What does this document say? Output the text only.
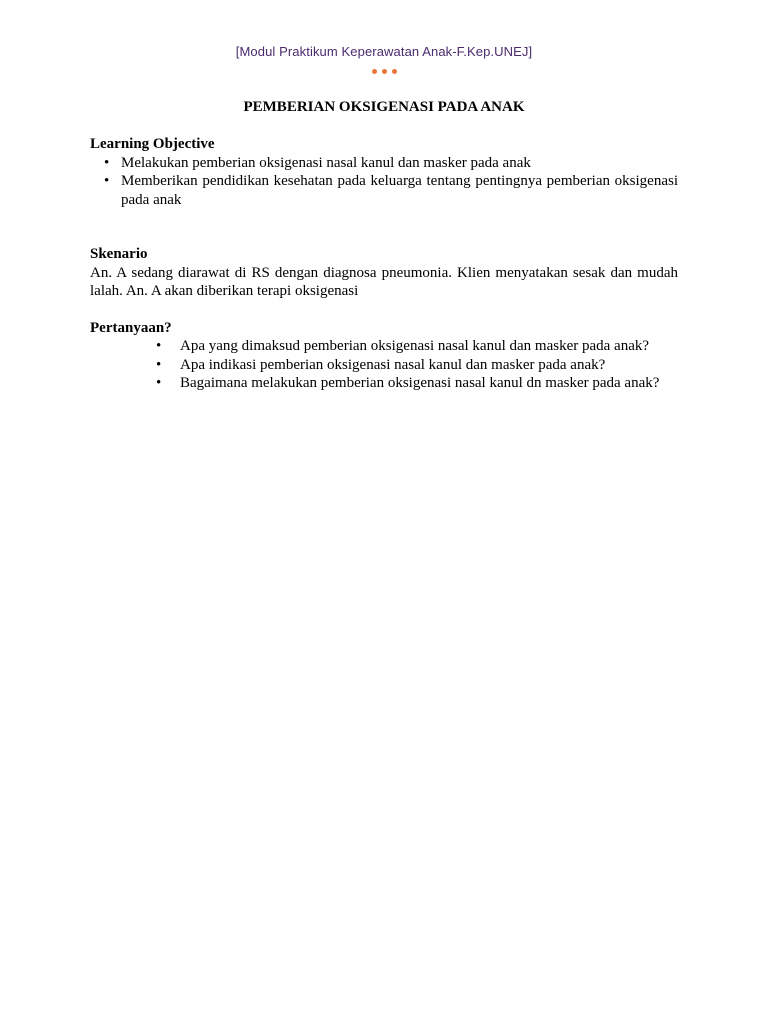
[Modul Praktikum Keperawatan Anak-F.Kep.UNEJ]
PEMBERIAN OKSIGENASI PADA ANAK

Learning Objective

• Melakukan pemberian oksigenasi nasal kanul dan masker pada anak
• Memberikan pendidikan kesehatan pada keluarga tentang pentingnya pemberian oksigenasi pada anak

Skenario

An. A sedang diarawat di RS dengan diagnosa pneumonia. Klien menyatakan sesak dan mudah lalah. An. A akan diberikan terapi oksigenasi

Pertanyaan?

• Apa yang dimaksud pemberian oksigenasi nasal kanul dan masker pada anak?
• Apa indikasi pemberian oksigenasi nasal kanul dan masker pada anak?
• Bagaimana melakukan pemberian oksigenasi nasal kanul dn masker pada anak?
